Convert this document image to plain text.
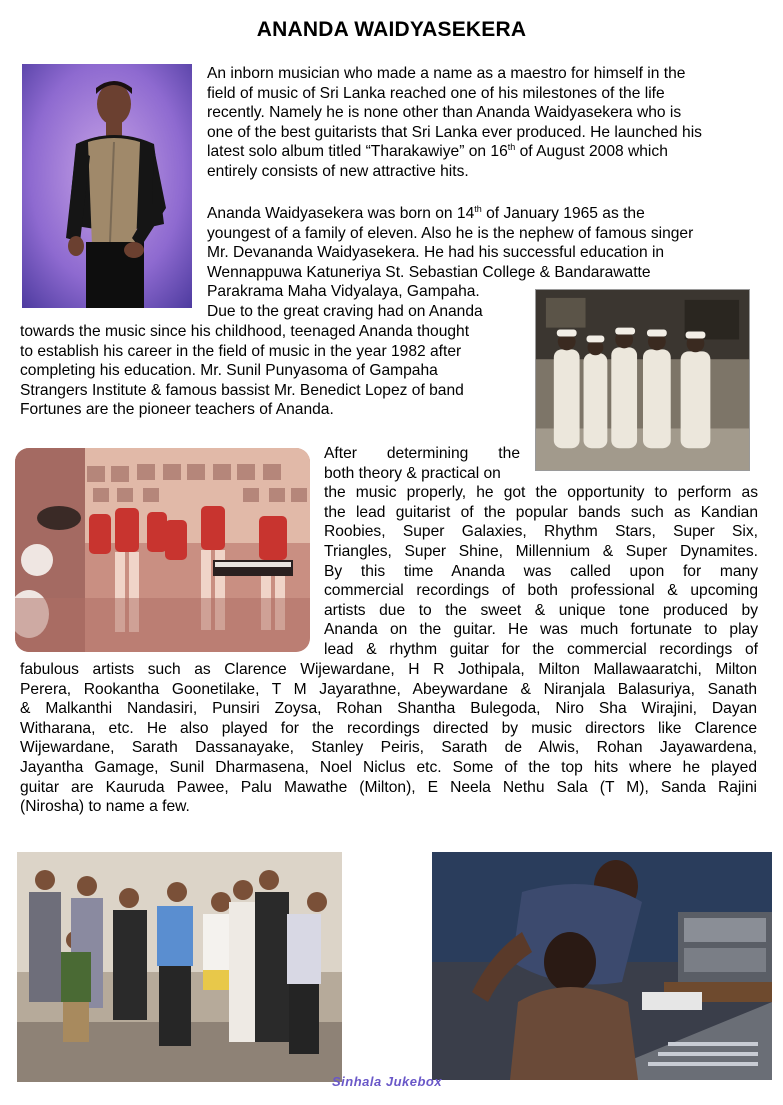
ANANDA WAIDYASEKERA
An inborn musician who made a name as a maestro for himself in the
field of music of Sri Lanka reached one of his milestones of the life
recently. Namely he is none other than Ananda Waidyasekera who is
one of the best guitarists that Sri Lanka ever produced. He launched his
latest solo album titled “Tharakawiye” on 16th of August 2008 which
entirely consists of new attractive hits.
Ananda Waidyasekera was born on 14th of January 1965 as the
youngest of a family of eleven. Also he is the nephew of famous singer
Mr. Devananda Waidyasekera. He had his successful education in
Wennappuwa Katuneriya St. Sebastian College & Bandarawatte
Parakrama Maha Vidyalaya, Gampaha.
Due to the great craving had on Ananda
towards the music since his childhood, teenaged Ananda thought
to establish his career in the field of music in the year 1982 after
completing his education. Mr. Sunil Punyasoma of Gampaha
Strangers Institute & famous bassist Mr. Benedict Lopez of band
Fortunes are the pioneer teachers of Ananda.
After determining the
both theory & practical on
the music properly, he got the opportunity to perform as
the lead guitarist of the popular bands such as Kandian
Roobies, Super Galaxies, Rhythm Stars, Super Six,
Triangles, Super Shine, Millennium & Super Dynamites.
By this time Ananda was called upon for many
commercial recordings of both professional & upcoming
artists due to the sweet & unique tone produced by
Ananda on the guitar. He was much fortunate to play
lead & rhythm guitar for the commercial recordings of
fabulous artists such as Clarence Wijewardane, H R Jothipala, Milton Mallawaaratchi, Milton
Perera, Rookantha Goonetilake, T M Jayarathne, Abeywardane & Niranjala Balasuriya, Sanath
& Malkanthi Nandasiri, Punsiri Zoysa, Rohan Shantha Bulegoda, Niro Sha Wirajini, Dayan
Witharana, etc. He also played for the recordings directed by music directors like Clarence
Wijewardane, Sarath Dassanayake, Stanley Peiris, Sarath de Alwis, Rohan Jayawardena,
Jayantha Gamage, Sunil Dharmasena, Noel Niclus etc. Some of the top hits where he played
guitar are Kauruda Pawee, Palu Mawathe (Milton), E Neela Nethu Sala (T M), Sanda Rajini
(Nirosha) to name a few.
Sinhala Jukebox
